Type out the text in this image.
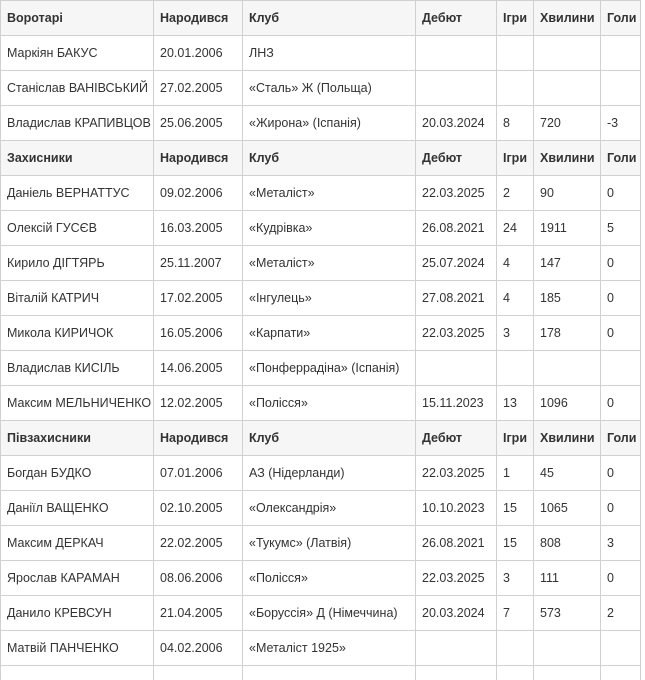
Воротарі	Народився	Клуб	Дебют	Ігри	Хвилини	Голи
Маркіян БАКУС	20.01.2006	ЛНЗ				
Станіслав ВАНІВСЬКИЙ	27.02.2005	«Сталь» Ж (Польща)				
Владислав КРАПИВЦОВ	25.06.2005	«Жирона» (Іспанія)	20.03.2024	8	720	-3
Захисники	Народився	Клуб	Дебют	Ігри	Хвилини	Голи
Даніель ВЕРНАТТУС	09.02.2006	«Металіст»	22.03.2025	2	90	0
Олексій ГУСЄВ	16.03.2005	«Кудрівка»	26.08.2021	24	1911	5
Кирило ДІГТЯРЬ	25.11.2007	«Металіст»	25.07.2024	4	147	0
Віталій КАТРИЧ	17.02.2005	«Інгулець»	27.08.2021	4	185	0
Микола КИРИЧОК	16.05.2006	«Карпати»	22.03.2025	3	178	0
Владислав КИСІЛЬ	14.06.2005	«Понферрадіна» (Іспанія)				
Максим МЕЛЬНИЧЕНКО	12.02.2005	«Полісся»	15.11.2023	13	1096	0
Півзахисники	Народився	Клуб	Дебют	Ігри	Хвилини	Голи
Богдан БУДКО	07.01.2006	АЗ (Нідерланди)	22.03.2025	1	45	0
Даніїл ВАЩЕНКО	02.10.2005	«Олександрія»	10.10.2023	15	1065	0
Максим ДЕРКАЧ	22.02.2005	«Тукумс» (Латвія)	26.08.2021	15	808	3
Ярослав КАРАМАН	08.06.2006	«Полісся»	22.03.2025	3	111	0
Данило КРЕВСУН	21.04.2005	«Боруссія» Д (Німеччина)	20.03.2024	7	573	2
Матвій ПАНЧЕНКО	04.02.2006	«Металіст 1925»				
